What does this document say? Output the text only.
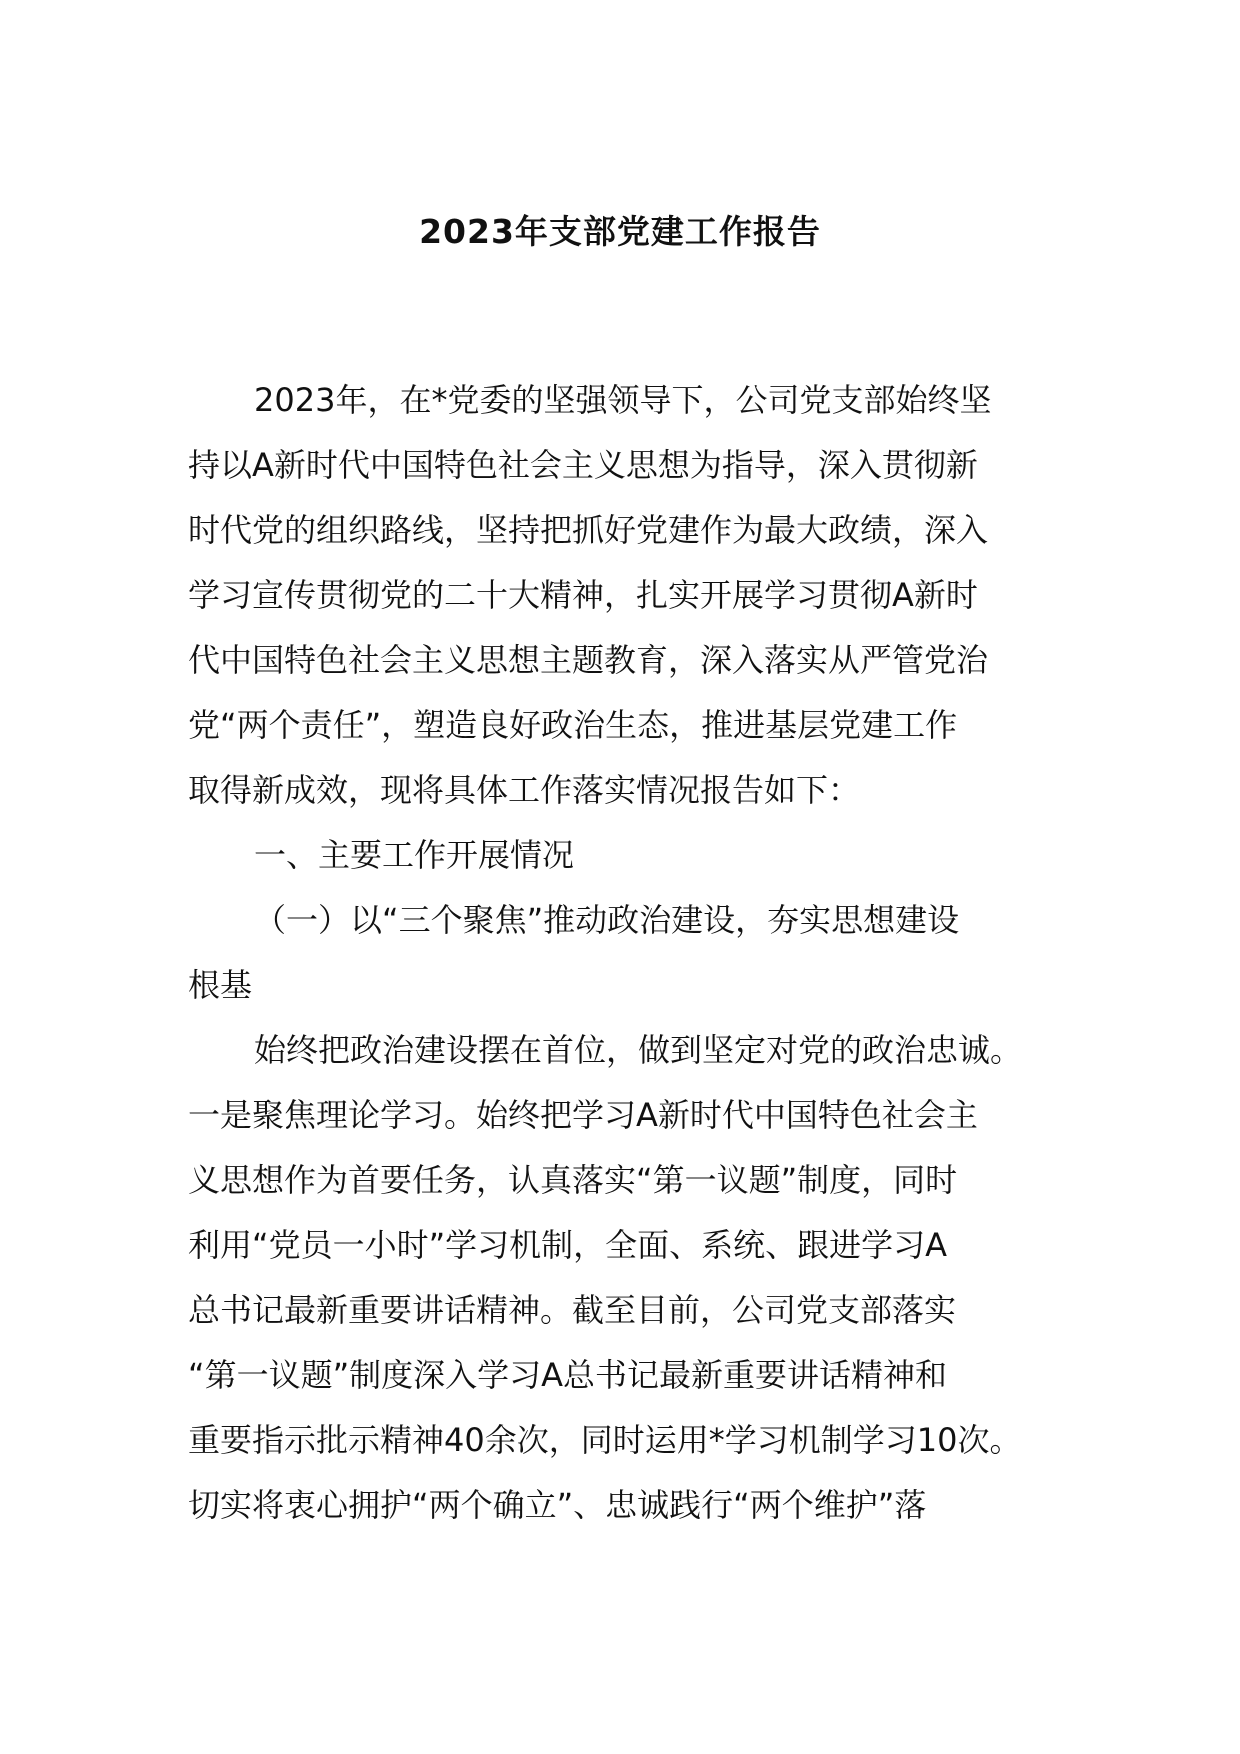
2023年支部党建工作报告
2023年，在*党委的坚强领导下，公司党支部始终坚
持以A新时代中国特色社会主义思想为指导，深入贯彻新
时代党的组织路线，坚持把抓好党建作为最大政绩，深入
学习宣传贯彻党的二十大精神，扎实开展学习贯彻A新时
代中国特色社会主义思想主题教育，深入落实从严管党治
党“两个责任”，塑造良好政治生态，推进基层党建工作
取得新成效，现将具体工作落实情况报告如下：
一、主要工作开展情况
（一）以“三个聚焦”推动政治建设，夯实思想建设
根基
始终把政治建设摆在首位，做到坚定对党的政治忠诚。
一是聚焦理论学习。始终把学习A新时代中国特色社会主
义思想作为首要任务，认真落实“第一议题”制度，同时
利用“党员一小时”学习机制，全面、系统、跟进学习A
总书记最新重要讲话精神。截至目前，公司党支部落实
“第一议题”制度深入学习A总书记最新重要讲话精神和
重要指示批示精神40余次，同时运用*学习机制学习10次。
切实将衷心拥护“两个确立”、忠诚践行“两个维护”落
